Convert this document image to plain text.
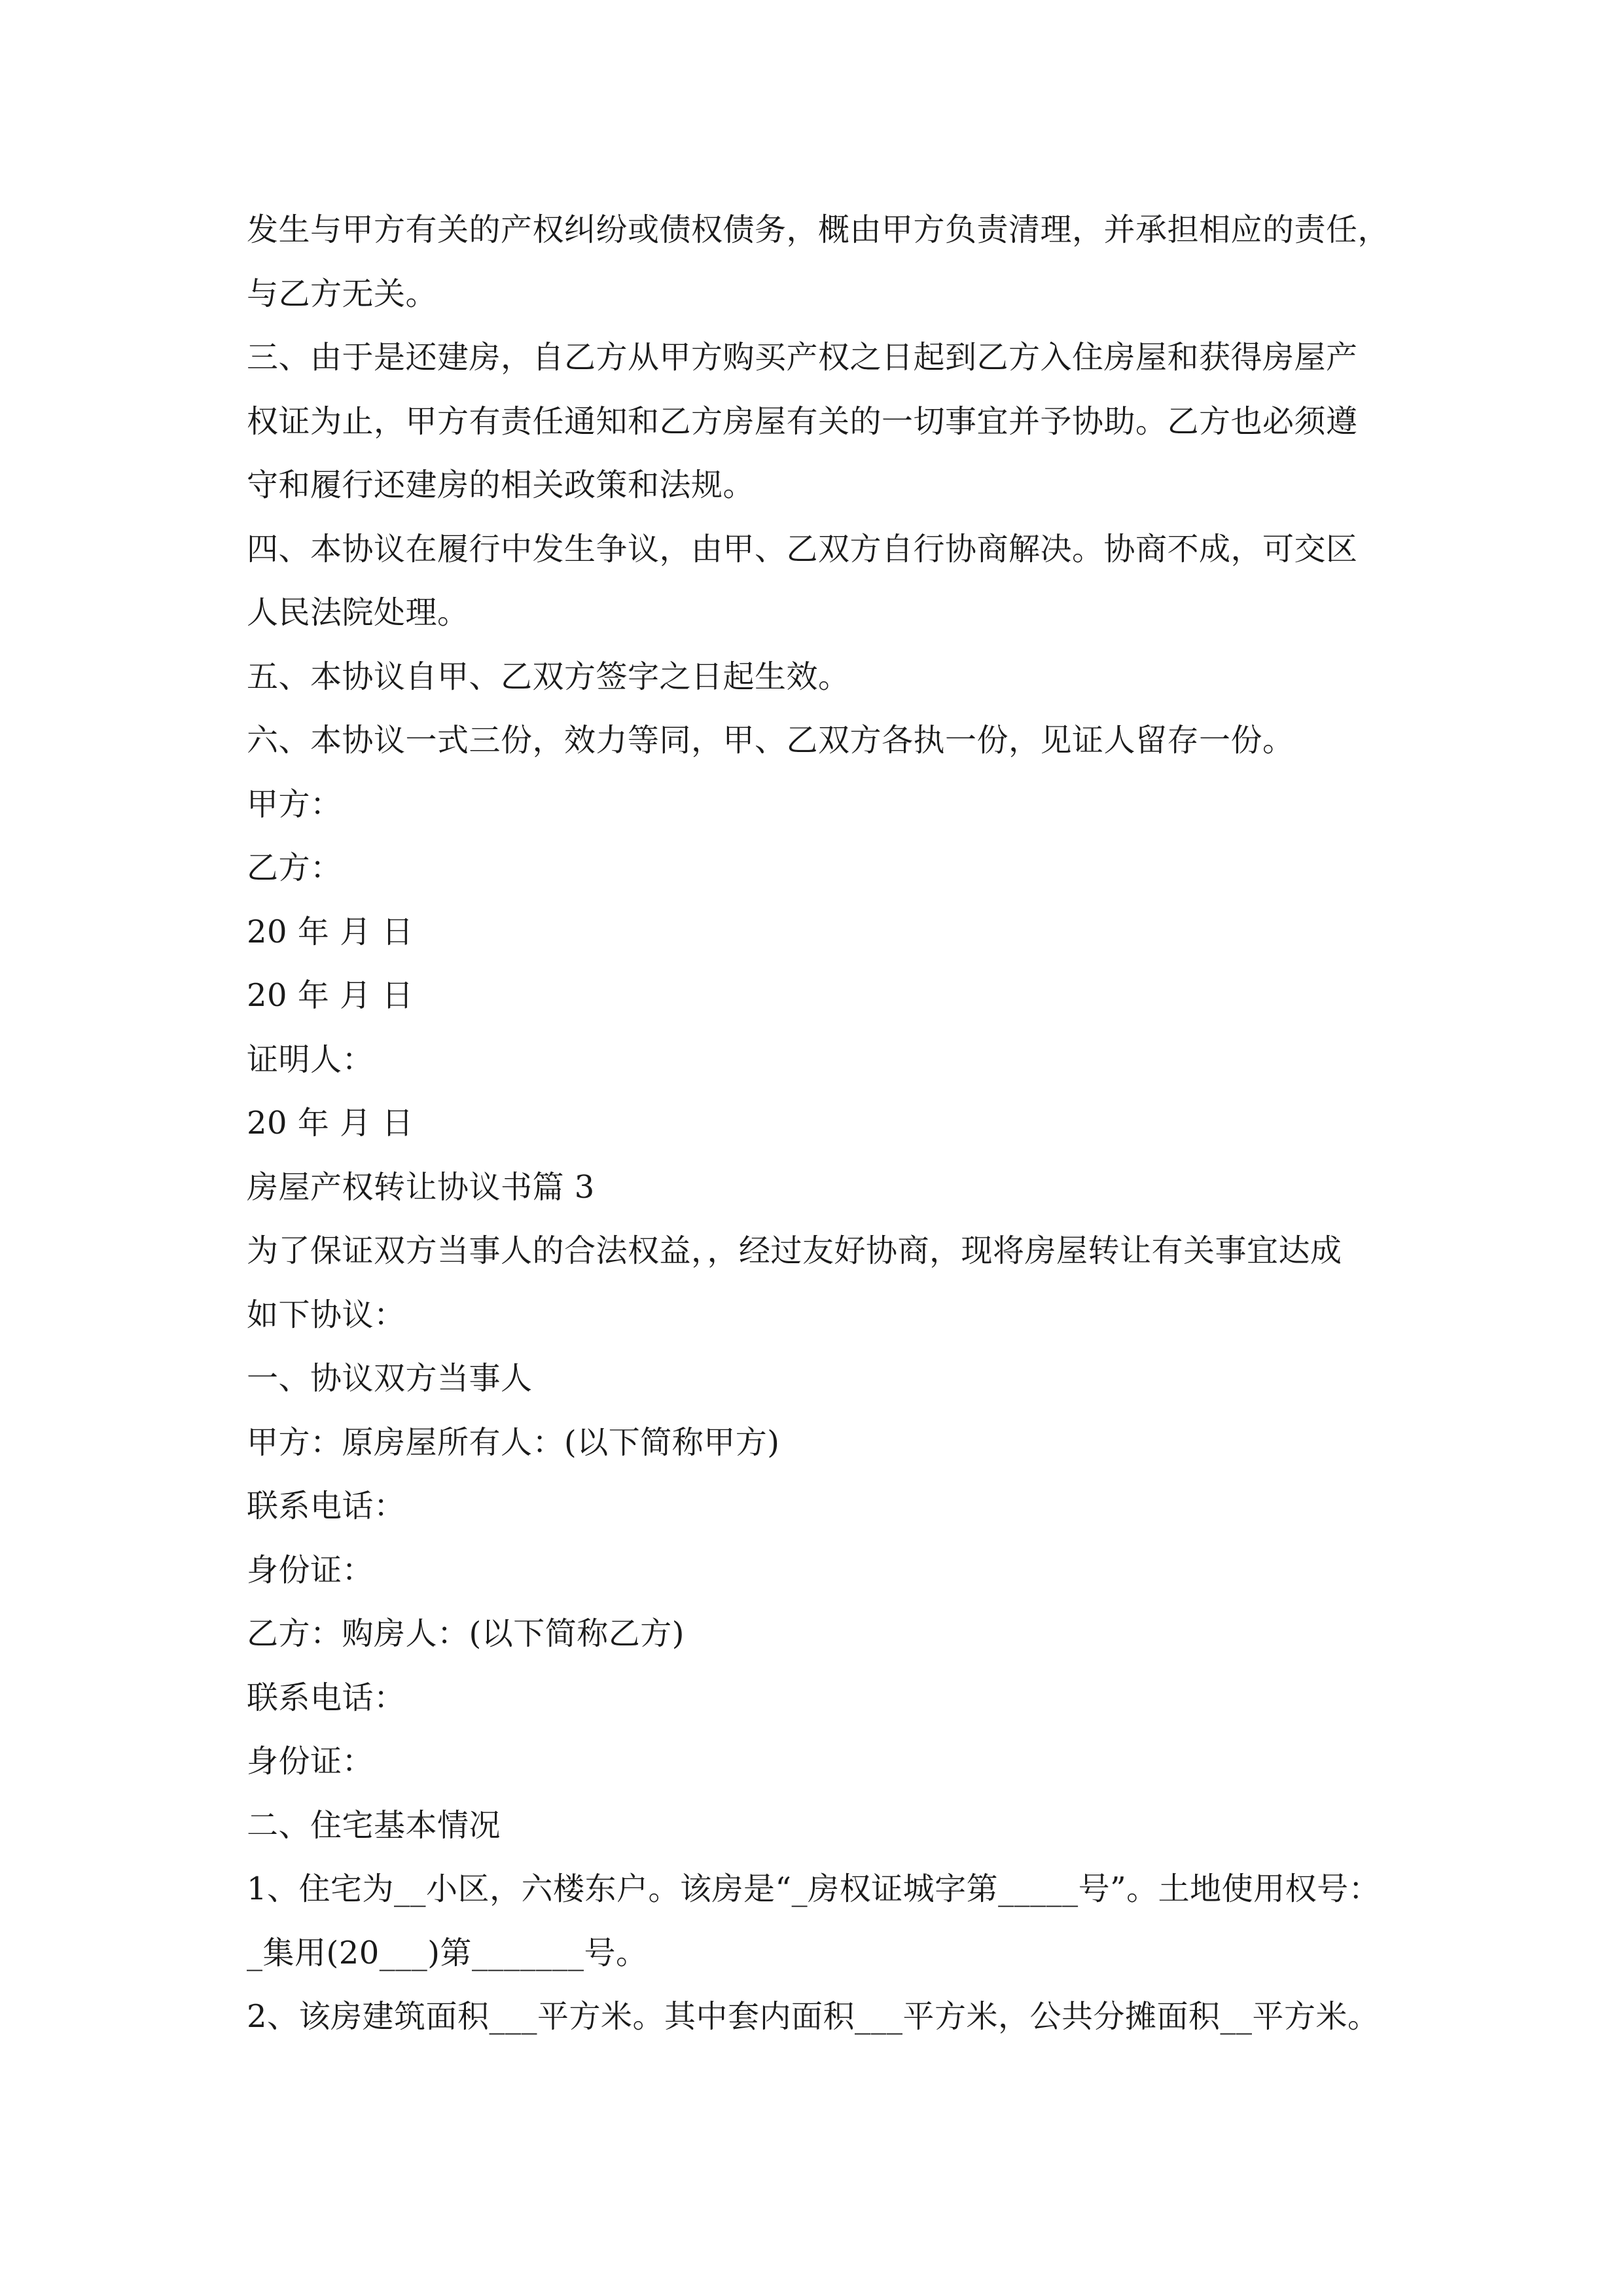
发生与甲方有关的产权纠纷或债权债务，概由甲方负责清理，并承担相应的责任，
与乙方无关。
三、由于是还建房，自乙方从甲方购买产权之日起到乙方入住房屋和获得房屋产
权证为止，甲方有责任通知和乙方房屋有关的一切事宜并予协助。乙方也必须遵
守和履行还建房的相关政策和法规。
四、本协议在履行中发生争议，由甲、乙双方自行协商解决。协商不成，可交区
人民法院处理。
五、本协议自甲、乙双方签字之日起生效。
六、本协议一式三份，效力等同，甲、乙双方各执一份，见证人留存一份。
甲方：
乙方：
20 年 月 日
20 年 月 日
证明人：
20 年 月 日
房屋产权转让协议书篇 3
为了保证双方当事人的合法权益，，经过友好协商，现将房屋转让有关事宜达成
如下协议：
一、协议双方当事人
甲方：原房屋所有人：(以下简称甲方)
联系电话：
身份证：
乙方：购房人：(以下简称乙方)
联系电话：
身份证：
二、住宅基本情况
1、住宅为__小区，六楼东户。该房是“_房权证城字第_____号”。土地使用权号：
_集用(20___)第_______号。
2、该房建筑面积___平方米。其中套内面积___平方米，公共分摊面积__平方米。
